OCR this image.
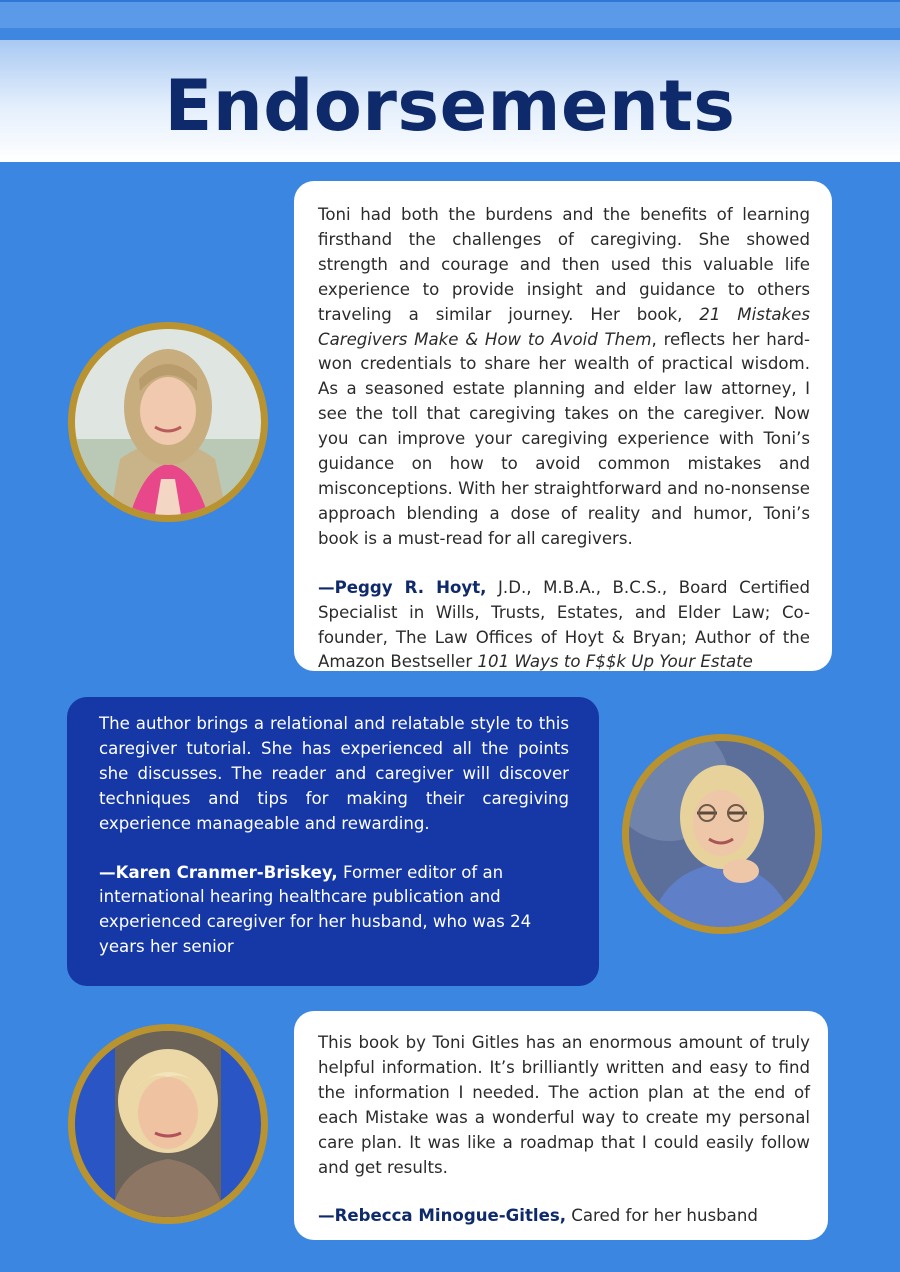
Endorsements

Toni had both the burdens and the benefits of learning firsthand the challenges of caregiving. She showed strength and courage and then used this valuable life experience to provide insight and guidance to others traveling a similar journey. Her book, 21 Mistakes Caregivers Make & How to Avoid Them, reflects her hard-won credentials to share her wealth of practical wisdom. As a seasoned estate planning and elder law attorney, I see the toll that caregiving takes on the caregiver. Now you can improve your caregiving experience with Toni’s guidance on how to avoid common mistakes and misconceptions. With her straightforward and no-nonsense approach blending a dose of reality and humor, Toni’s book is a must-read for all caregivers.

—Peggy R. Hoyt, J.D., M.B.A., B.C.S., Board Certified Specialist in Wills, Trusts, Estates, and Elder Law; Co-founder, The Law Offices of Hoyt & Bryan; Author of the Amazon Bestseller 101 Ways to F$$k Up Your Estate

The author brings a relational and relatable style to this caregiver tutorial. She has experienced all the points she discusses. The reader and caregiver will discover techniques and tips for making their caregiving experience manageable and rewarding.

—Karen Cranmer-Briskey, Former editor of an international hearing healthcare publication and experienced caregiver for her husband, who was 24 years her senior

This book by Toni Gitles has an enormous amount of truly helpful information. It’s brilliantly written and easy to find the information I needed. The action plan at the end of each Mistake was a wonderful way to create my personal care plan. It was like a roadmap that I could easily follow and get results.

—Rebecca Minogue-Gitles, Cared for her husband
